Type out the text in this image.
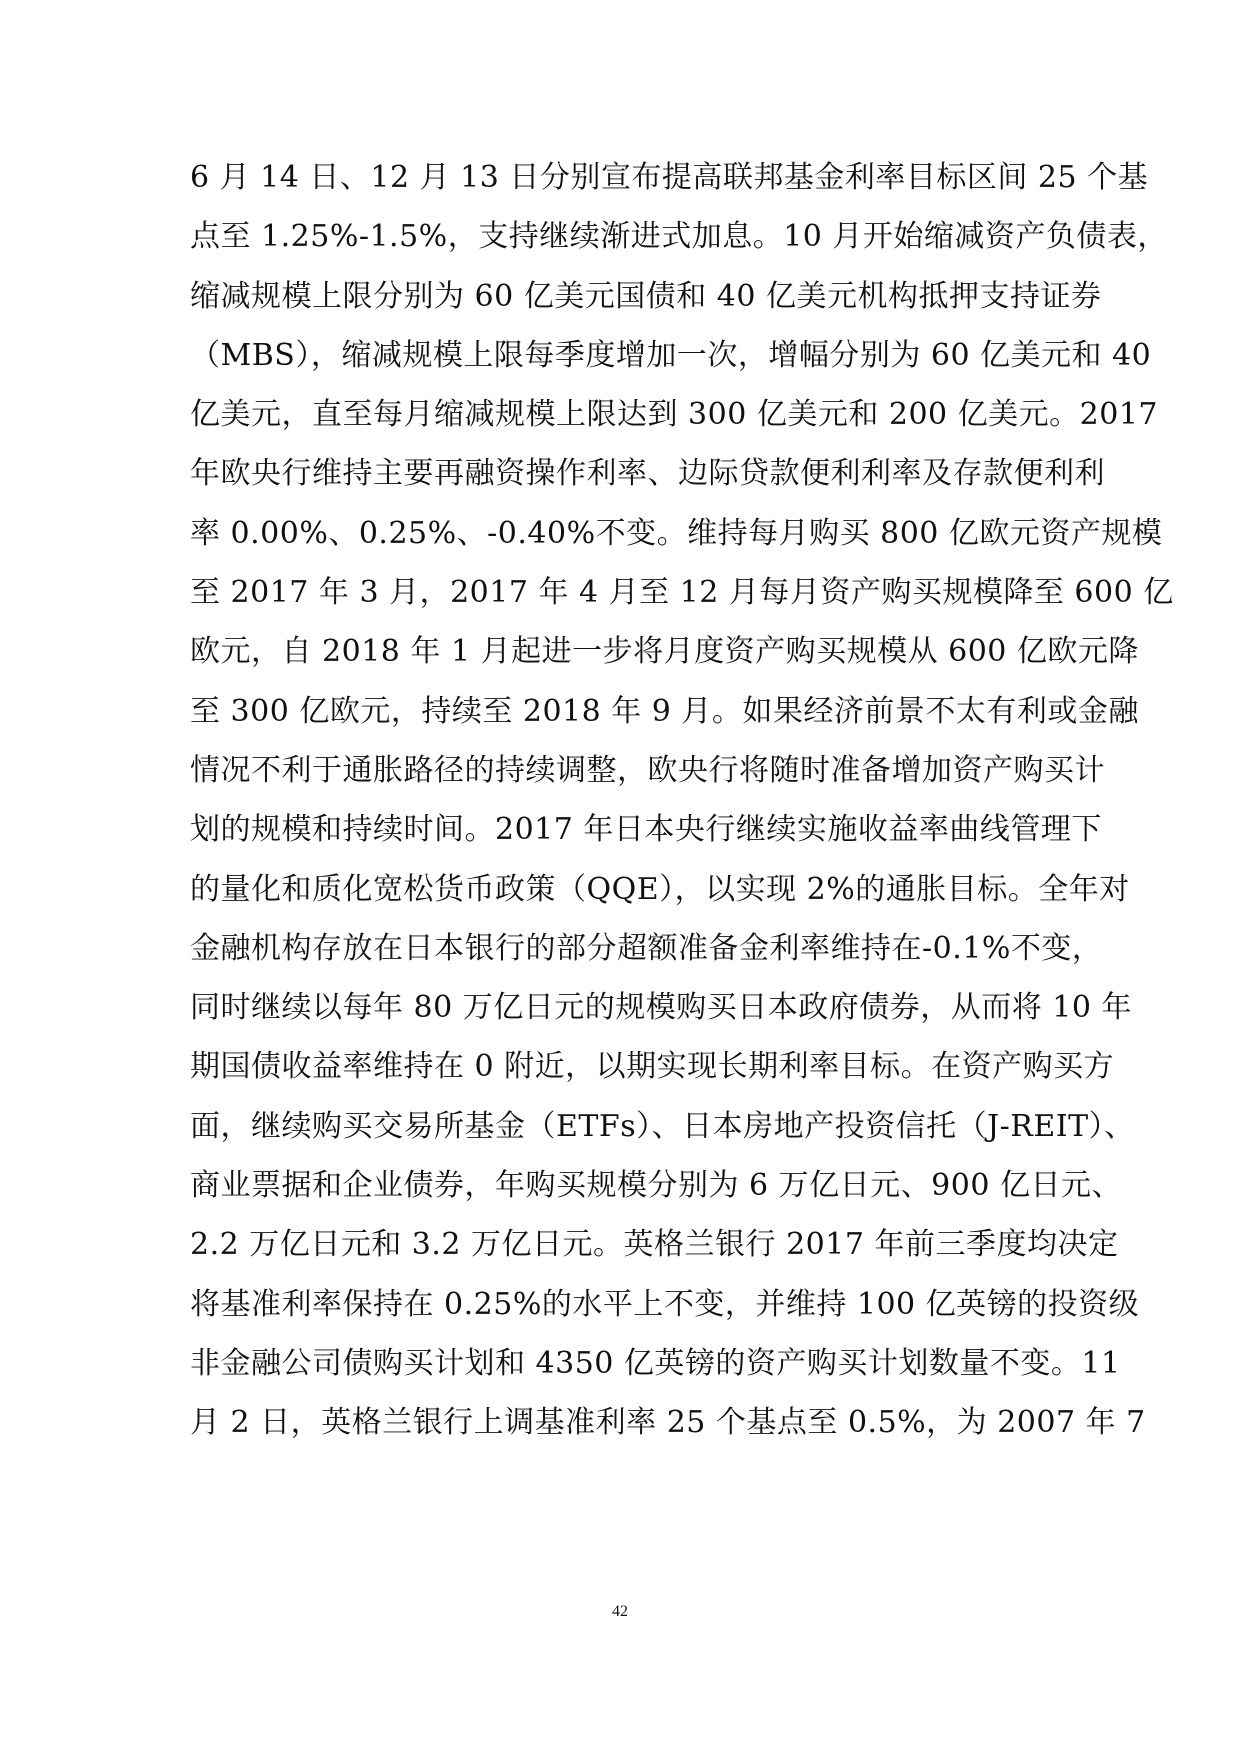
6 月 14 日、12 月 13 日分别宣布提高联邦基金利率目标区间 25 个基
点至 1.25%-1.5%，支持继续渐进式加息。10 月开始缩减资产负债表，
缩减规模上限分别为 60 亿美元国债和 40 亿美元机构抵押支持证券
（MBS），缩减规模上限每季度增加一次，增幅分别为 60 亿美元和 40
亿美元，直至每月缩减规模上限达到 300 亿美元和 200 亿美元。2017
年欧央行维持主要再融资操作利率、边际贷款便利利率及存款便利利
率 0.00%、0.25%、-0.40%不变。维持每月购买 800 亿欧元资产规模
至 2017 年 3 月，2017 年 4 月至 12 月每月资产购买规模降至 600 亿
欧元，自 2018 年 1 月起进一步将月度资产购买规模从 600 亿欧元降
至 300 亿欧元，持续至 2018 年 9 月。如果经济前景不太有利或金融
情况不利于通胀路径的持续调整，欧央行将随时准备增加资产购买计
划的规模和持续时间。2017 年日本央行继续实施收益率曲线管理下
的量化和质化宽松货币政策（QQE），以实现 2%的通胀目标。全年对
金融机构存放在日本银行的部分超额准备金利率维持在-0.1%不变，
同时继续以每年 80 万亿日元的规模购买日本政府债券，从而将 10 年
期国债收益率维持在 0 附近，以期实现长期利率目标。在资产购买方
面，继续购买交易所基金（ETFs）、日本房地产投资信托（J-REIT）、
商业票据和企业债券，年购买规模分别为 6 万亿日元、900 亿日元、
2.2 万亿日元和 3.2 万亿日元。英格兰银行 2017 年前三季度均决定
将基准利率保持在 0.25%的水平上不变，并维持 100 亿英镑的投资级
非金融公司债购买计划和 4350 亿英镑的资产购买计划数量不变。11
月 2 日，英格兰银行上调基准利率 25 个基点至 0.5%，为 2007 年 7
42
